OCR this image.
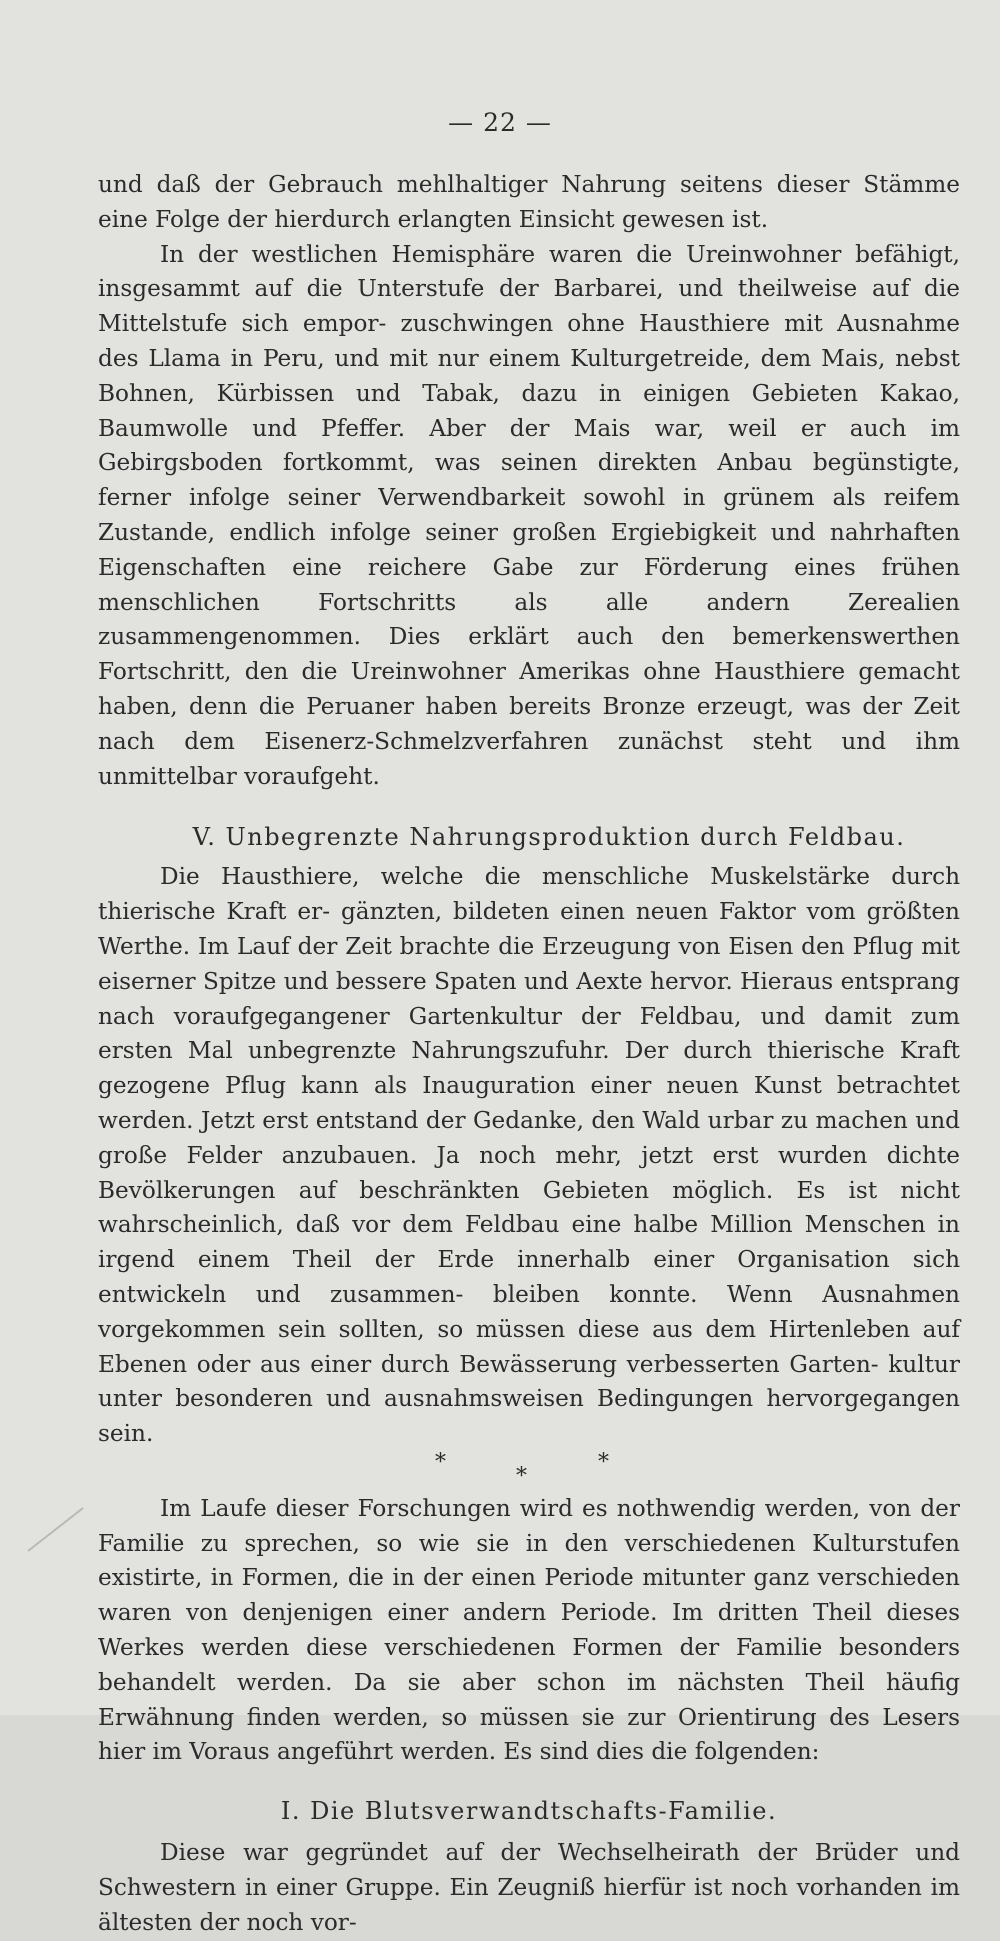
— 22 —

und daß der Gebrauch mehlhaltiger Nahrung seitens dieser Stämme eine Folge der hierdurch erlangten Einsicht gewesen ist.

In der westlichen Hemisphäre waren die Ureinwohner befähigt, insgesammt auf die Unterstufe der Barbarei, und theilweise auf die Mittelstufe sich empor- zuschwingen ohne Hausthiere mit Ausnahme des Llama in Peru, und mit nur einem Kulturgetreide, dem Mais, nebst Bohnen, Kürbissen und Tabak, dazu in einigen Gebieten Kakao, Baumwolle und Pfeffer. Aber der Mais war, weil er auch im Gebirgsboden fortkommt, was seinen direkten Anbau begünstigte, ferner infolge seiner Verwendbarkeit sowohl in grünem als reifem Zustande, endlich infolge seiner großen Ergiebigkeit und nahrhaften Eigenschaften eine reichere Gabe zur Förderung eines frühen menschlichen Fortschritts als alle andern Zerealien zusammengenommen. Dies erklärt auch den bemerkenswerthen Fortschritt, den die Ureinwohner Amerikas ohne Hausthiere gemacht haben, denn die Peruaner haben bereits Bronze erzeugt, was der Zeit nach dem Eisenerz-Schmelzverfahren zunächst steht und ihm unmittelbar voraufgeht.

V. Unbegrenzte Nahrungsproduktion durch Feldbau.

Die Hausthiere, welche die menschliche Muskelstärke durch thierische Kraft er- gänzten, bildeten einen neuen Faktor vom größten Werthe. Im Lauf der Zeit brachte die Erzeugung von Eisen den Pflug mit eiserner Spitze und bessere Spaten und Aexte hervor. Hieraus entsprang nach voraufgegangener Gartenkultur der Feldbau, und damit zum ersten Mal unbegrenzte Nahrungszufuhr. Der durch thierische Kraft gezogene Pflug kann als Inauguration einer neuen Kunst betrachtet werden. Jetzt erst entstand der Gedanke, den Wald urbar zu machen und große Felder anzubauen. Ja noch mehr, jetzt erst wurden dichte Bevölkerungen auf beschränkten Gebieten möglich. Es ist nicht wahrscheinlich, daß vor dem Feldbau eine halbe Million Menschen in irgend einem Theil der Erde innerhalb einer Organisation sich entwickeln und zusammen- bleiben konnte. Wenn Ausnahmen vorgekommen sein sollten, so müssen diese aus dem Hirtenleben auf Ebenen oder aus einer durch Bewässerung verbesserten Garten- kultur unter besonderen und ausnahmsweisen Bedingungen hervorgegangen sein.

*
*
*

Im Laufe dieser Forschungen wird es nothwendig werden, von der Familie zu sprechen, so wie sie in den verschiedenen Kulturstufen existirte, in Formen, die in der einen Periode mitunter ganz verschieden waren von denjenigen einer andern Periode. Im dritten Theil dieses Werkes werden diese verschiedenen Formen der Familie besonders behandelt werden. Da sie aber schon im nächsten Theil häufig Erwähnung finden werden, so müssen sie zur Orientirung des Lesers hier im Voraus angeführt werden. Es sind dies die folgenden:

I. Die Blutsverwandtschafts-Familie.

Diese war gegründet auf der Wechselheirath der Brüder und Schwestern in einer Gruppe. Ein Zeugniß hierfür ist noch vorhanden im ältesten der noch vor-
